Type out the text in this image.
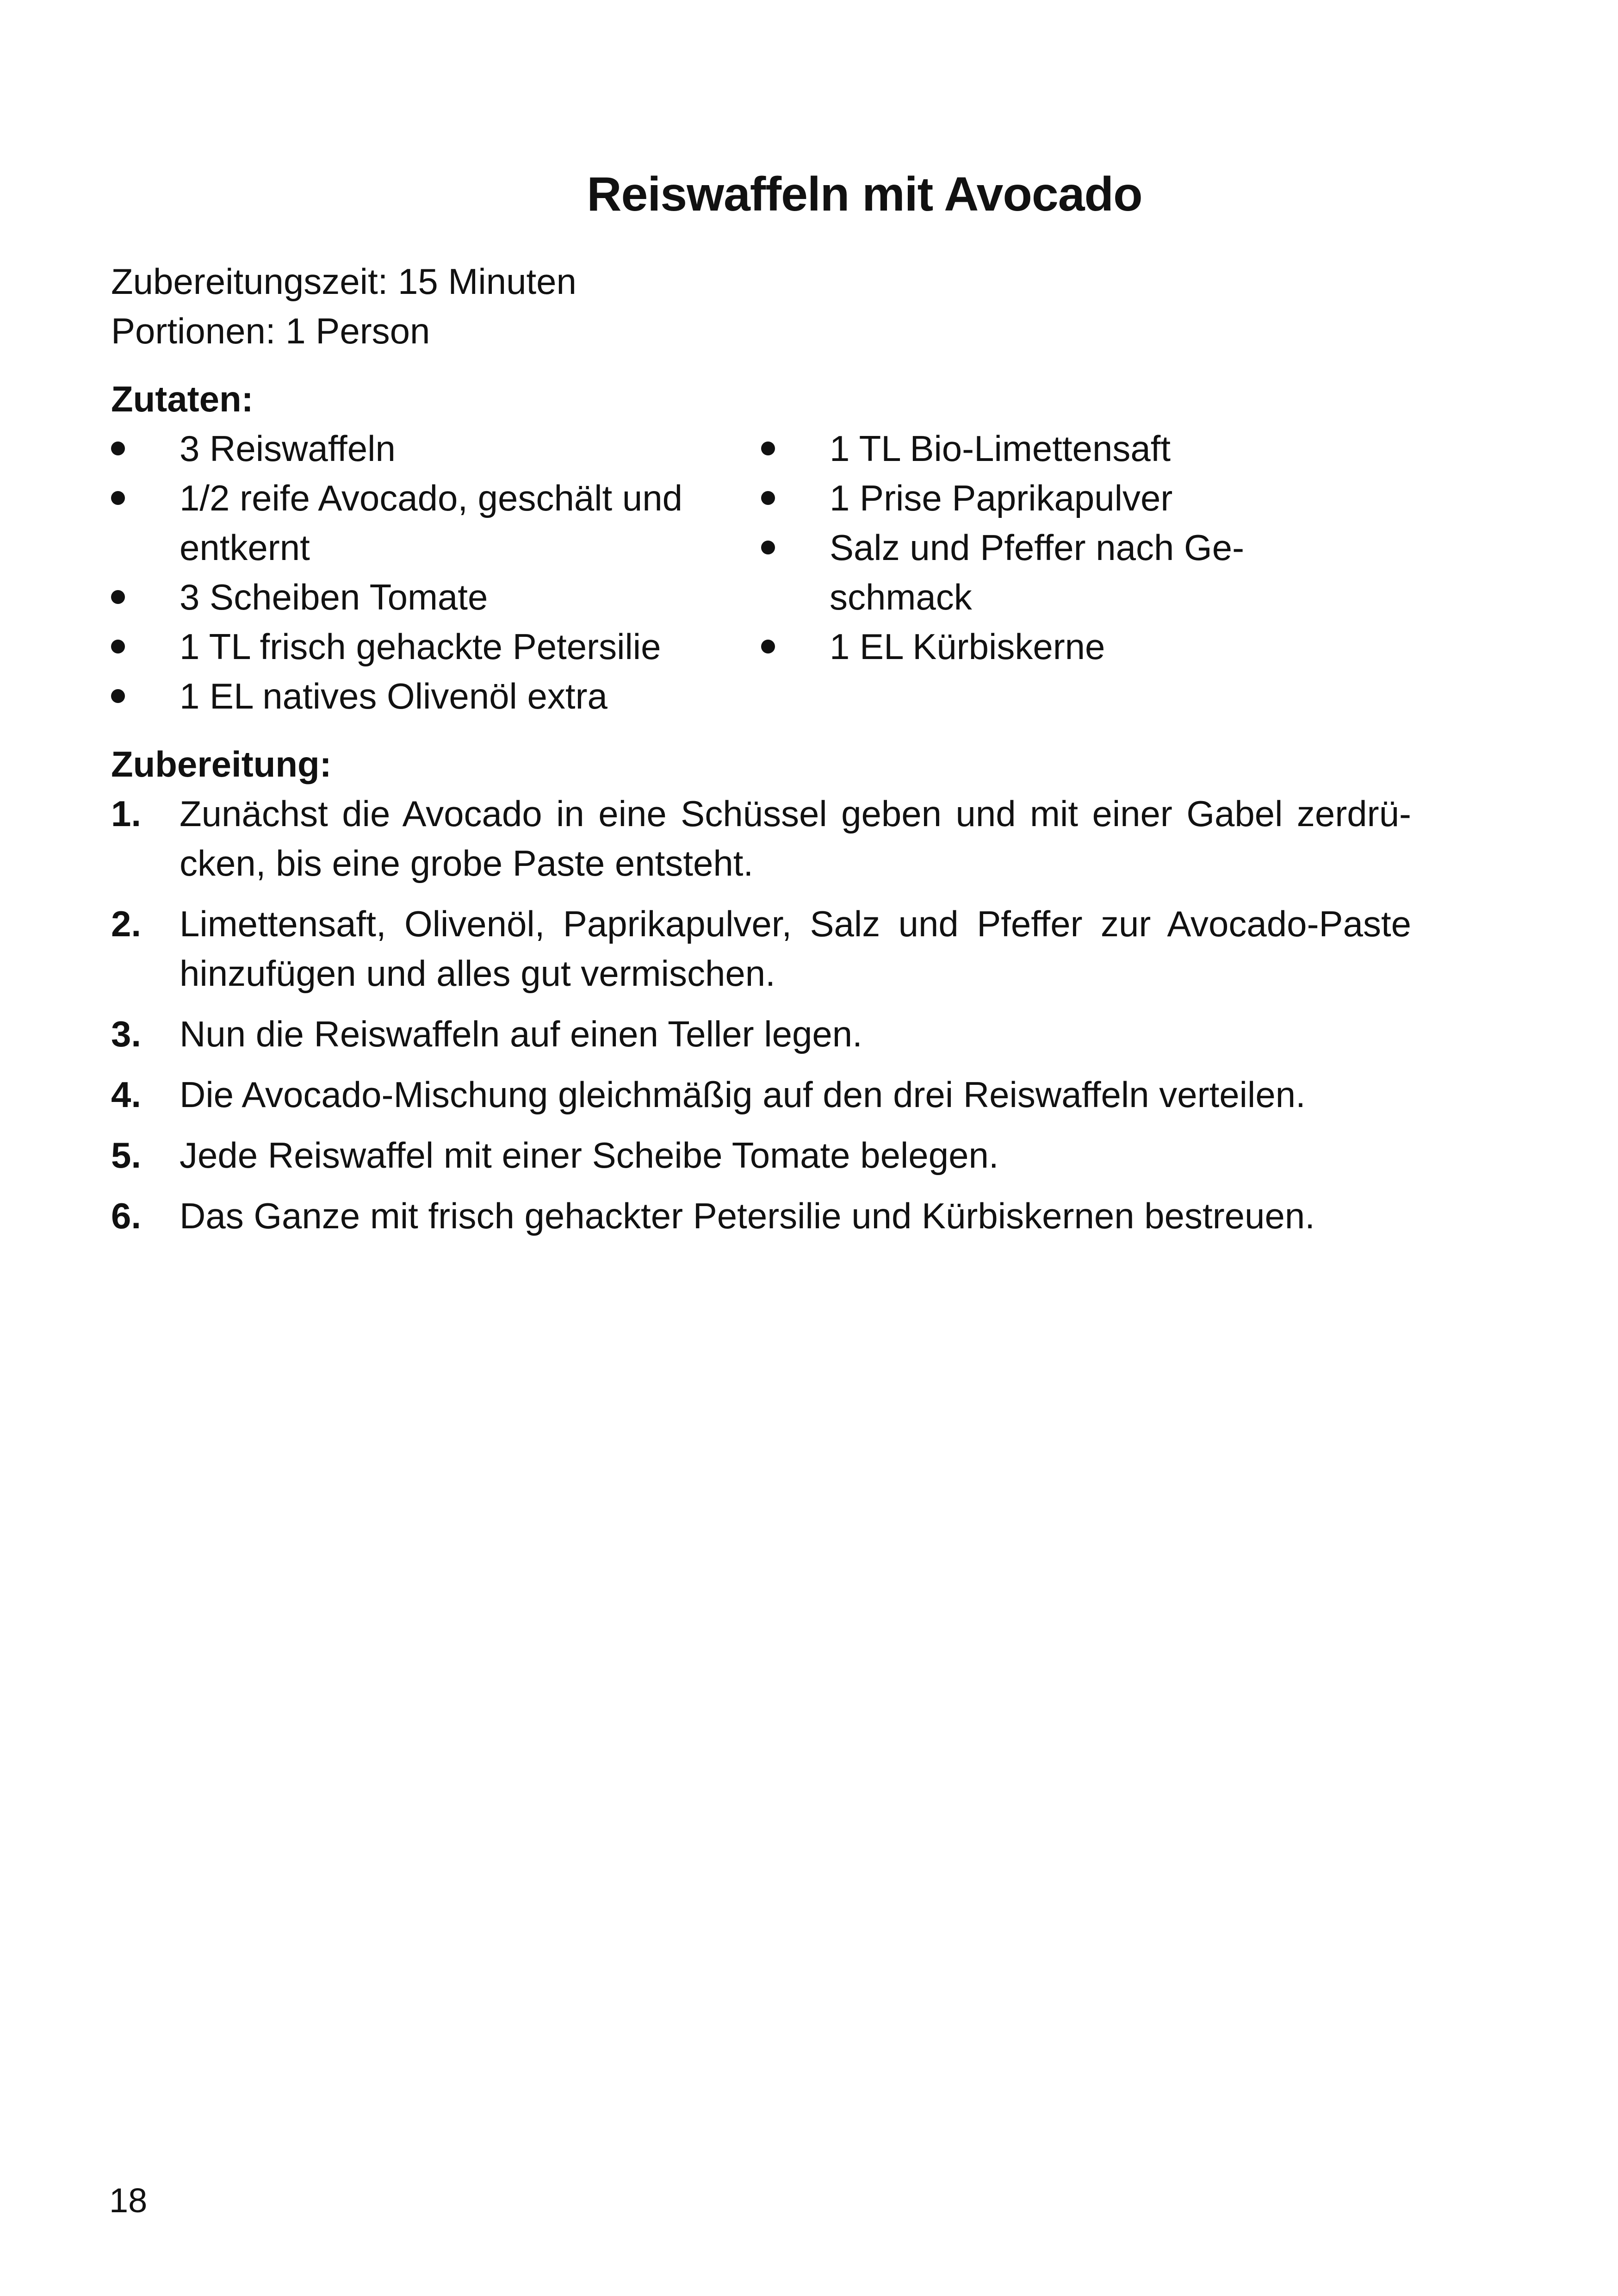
Reiswaffeln mit Avocado
Zubereitungszeit: 15 Minuten
Portionen: 1 Person
Zutaten:
3 Reiswaffeln
1/2 reife Avocado, geschält und entkernt
3 Scheiben Tomate
1 TL frisch gehackte Petersilie
1 EL natives Olivenöl extra
1 TL Bio-Limettensaft
1 Prise Paprikapulver
Salz und Pfeffer nach Ge-schmack
1 EL Kürbiskerne
Zubereitung:
1. Zunächst die Avocado in eine Schüssel geben und mit einer Gabel zerdrü-cken, bis eine grobe Paste entsteht.
2. Limettensaft, Olivenöl, Paprikapulver, Salz und Pfeffer zur Avocado-Paste hinzufügen und alles gut vermischen.
3. Nun die Reiswaffeln auf einen Teller legen.
4. Die Avocado-Mischung gleichmäßig auf den drei Reiswaffeln verteilen.
5. Jede Reiswaffel mit einer Scheibe Tomate belegen.
6. Das Ganze mit frisch gehackter Petersilie und Kürbiskernen bestreuen.
18
